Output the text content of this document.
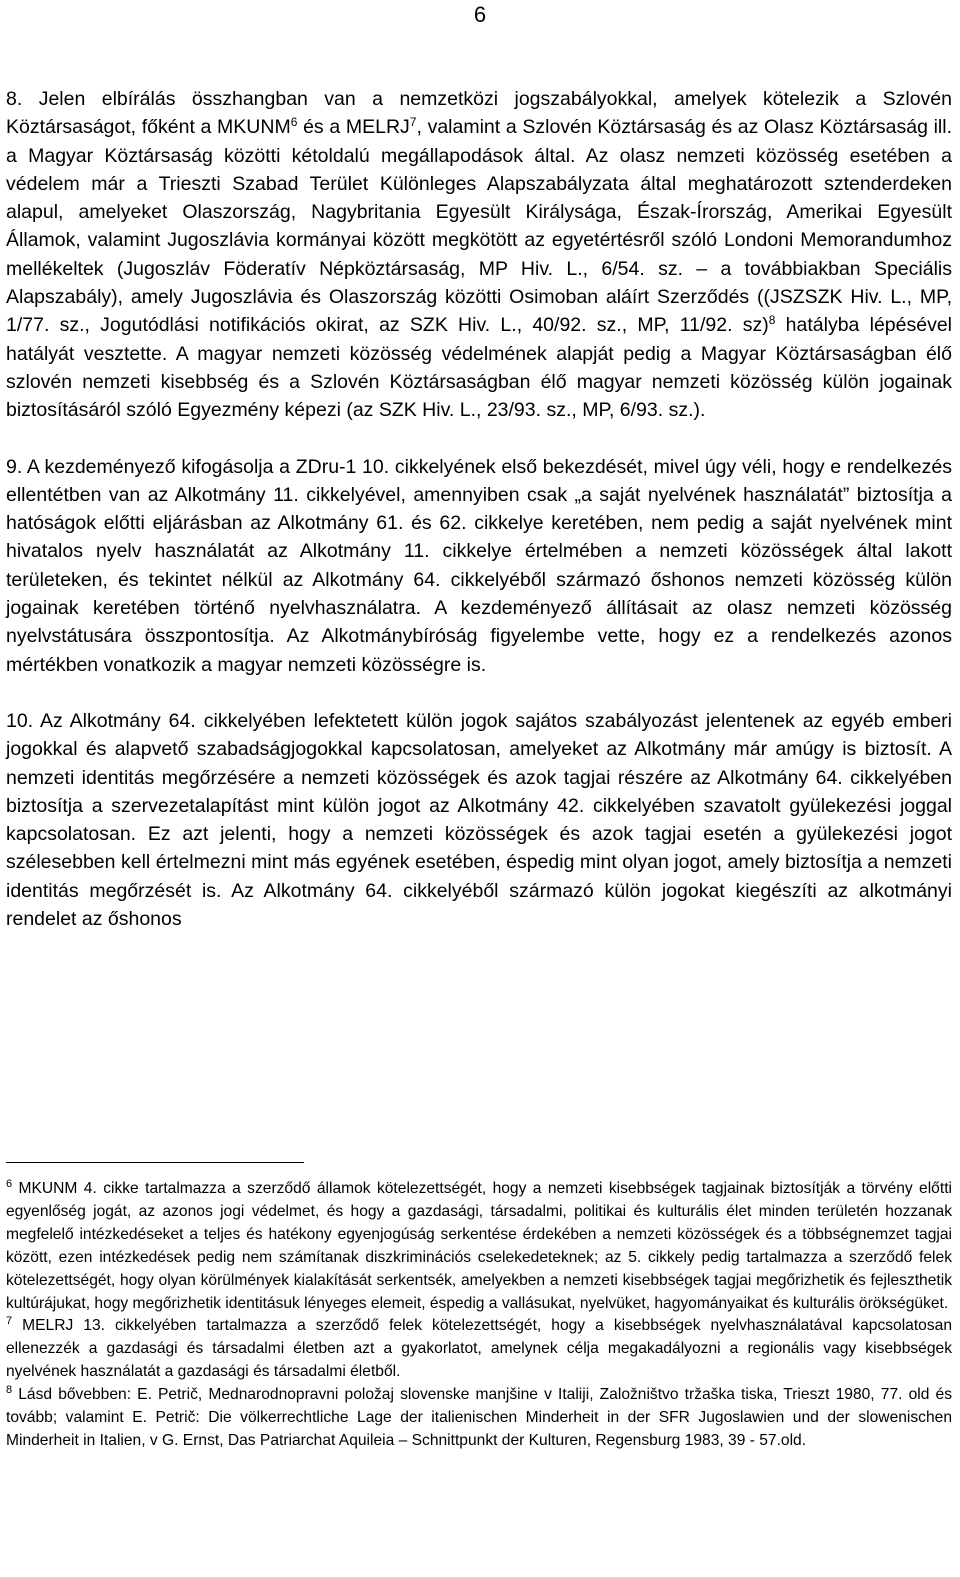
6

8. Jelen elbírálás összhangban van a nemzetközi jogszabályokkal, amelyek kötelezik a Szlovén Köztársaságot, főként a MKUNM$^6$ és a MELRJ$^7$, valamint a Szlovén Köztársaság és az Olasz Köztársaság ill. a Magyar Köztársaság közötti kétoldalú megállapodások által. Az olasz nemzeti közösség esetében a védelem már a Trieszti Szabad Terület Különleges Alapszabályzata által meghatározott sztenderdeken alapul, amelyeket Olaszország, Nagybritania Egyesült Királysága, Észak-Írország, Amerikai Egyesült Államok, valamint Jugoszlávia kormányai között megkötött az egyetértésről szóló Londoni Memorandumhoz mellékeltek (Jugoszláv Föderatív Népköztársaság, MP Hiv. L., 6/54. sz. – a továbbiakban Speciális Alapszabály), amely Jugoszlávia és Olaszország közötti Osimoban aláírt Szerződés ((JSZSZK Hiv. L., MP, 1/77. sz., Jogutódlási notifikációs okirat, az SZK Hiv. L., 40/92. sz., MP, 11/92. sz)$^8$ hatályba lépésével hatályát vesztette. A magyar nemzeti közösség védelmének alapját pedig a Magyar Köztársaságban élő szlovén nemzeti kisebbség és a Szlovén Köztársaságban élő magyar nemzeti közösség külön jogainak biztosításáról szóló Egyezmény képezi (az SZK Hiv. L., 23/93. sz., MP, 6/93. sz.).

9. A kezdeményező kifogásolja a ZDru-1 10. cikkelyének első bekezdését, mivel úgy véli, hogy e rendelkezés ellentétben van az Alkotmány 11. cikkelyével, amennyiben csak „a saját nyelvének használatát” biztosítja a hatóságok előtti eljárásban az Alkotmány 61. és 62. cikkelye keretében, nem pedig a saját nyelvének mint hivatalos nyelv használatát az Alkotmány 11. cikkelye értelmében a nemzeti közösségek által lakott területeken, és tekintet nélkül az Alkotmány 64. cikkelyéből származó őshonos nemzeti közösség külön jogainak keretében történő nyelvhasználatra. A kezdeményező állításait az olasz nemzeti közösség nyelvstátusára összpontosítja. Az Alkotmánybíróság figyelembe vette, hogy ez a rendelkezés azonos mértékben vonatkozik a magyar nemzeti közösségre is.

10. Az Alkotmány 64. cikkelyében lefektetett külön jogok sajátos szabályozást jelentenek az egyéb emberi jogokkal és alapvető szabadságjogokkal kapcsolatosan, amelyeket az Alkotmány már amúgy is biztosít. A nemzeti identitás megőrzésére a nemzeti közösségek és azok tagjai részére az Alkotmány 64. cikkelyében biztosítja a szervezetalapítást mint külön jogot az Alkotmány 42. cikkelyében szavatolt gyülekezési joggal kapcsolatosan. Ez azt jelenti, hogy a nemzeti közösségek és azok tagjai esetén a gyülekezési jogot szélesebben kell értelmezni mint más egyének esetében, éspedig mint olyan jogot, amely biztosítja a nemzeti identitás megőrzését is. Az Alkotmány 64. cikkelyéből származó külön jogokat kiegészíti az alkotmányi rendelet az őshonos

$^6$ MKUNM 4. cikke tartalmazza a szerződő államok kötelezettségét, hogy a nemzeti kisebbségek tagjainak biztosítják a törvény előtti egyenlőség jogát, az azonos jogi védelmet, és hogy a gazdasági, társadalmi, politikai és kulturális élet minden területén hozzanak megfelelő intézkedéseket a teljes és hatékony egyenjogúság serkentése érdekében a nemzeti közösségek és a többségnemzet tagjai között, ezen intézkedések pedig nem számítanak diszkriminációs cselekedeteknek; az 5. cikkely pedig tartalmazza a szerződő felek kötelezettségét, hogy olyan körülmények kialakítását serkentsék, amelyekben a nemzeti kisebbségek tagjai megőrizhetik és fejleszthetik kultúrájukat, hogy megőrizhetik identitásuk lényeges elemeit, éspedig a vallásukat, nyelvüket, hagyományaikat és kulturális örökségüket.

$^7$ MELRJ 13. cikkelyében tartalmazza a szerződő felek kötelezettségét, hogy a kisebbségek nyelvhasználatával kapcsolatosan ellenezzék a gazdasági és társadalmi életben azt a gyakorlatot, amelynek célja megakadályozni a regionális vagy kisebbségek nyelvének használatát a gazdasági és társadalmi életből.

$^8$ Lásd bővebben: E. Petrič, Mednarodnopravni položaj slovenske manjšine v Italiji, Založništvo tržaška tiska, Trieszt 1980, 77. old és tovább; valamint E. Petrič: Die völkerrechtliche Lage der italienischen Minderheit in der SFR Jugoslawien und der slowenischen Minderheit in Italien, v G. Ernst, Das Patriarchat Aquileia – Schnittpunkt der Kulturen, Regensburg 1983, 39 - 57.old.
